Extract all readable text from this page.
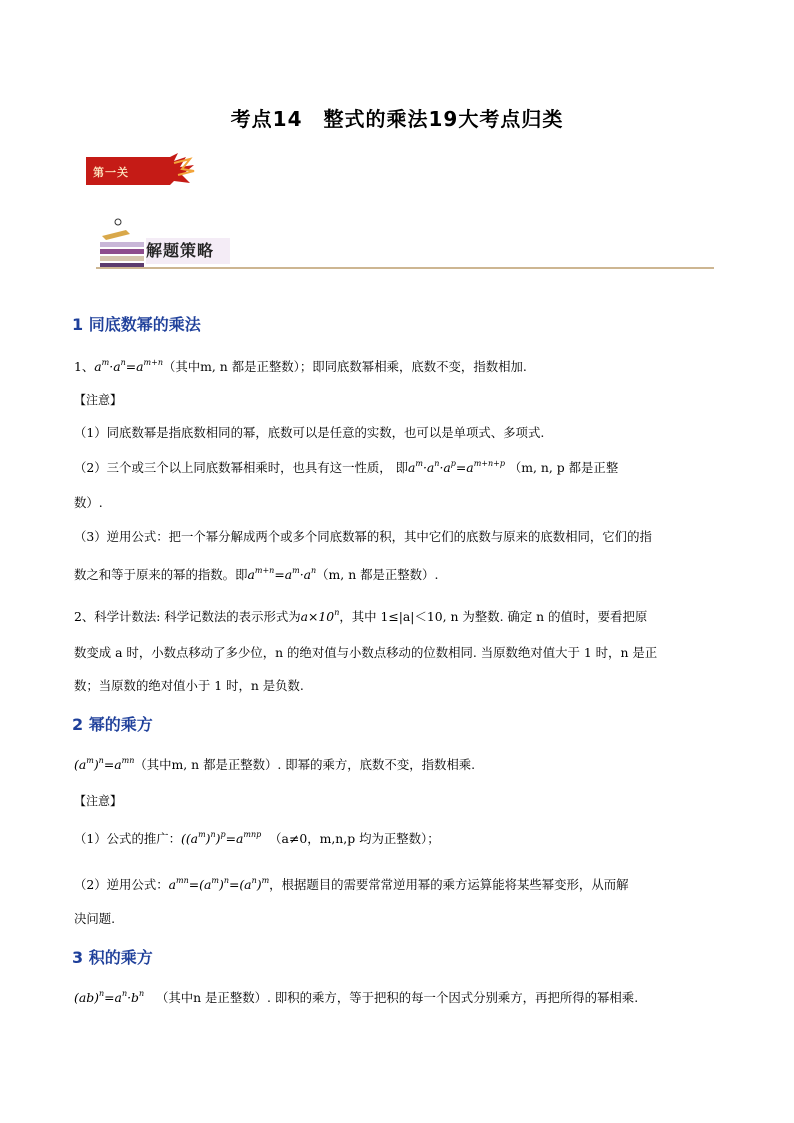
考点14　整式的乘法19大考点归类
第一关
解题策略
1 同底数幂的乘法
1、$a^m\cdot a^n=a^{m+n}$（其中m, n 都是正整数）；即同底数幂相乘，底数不变，指数相加.
【注意】
（1）同底数幂是指底数相同的幂，底数可以是任意的实数，也可以是单项式、多项式.
（2）三个或三个以上同底数幂相乘时，也具有这一性质， 即$a^m\cdot a^n\cdot a^p=a^{m+n+p}$ （m, n, p 都是正整
数）.
（3）逆用公式：把一个幂分解成两个或多个同底数幂的积，其中它们的底数与原来的底数相同，它们的指
数之和等于原来的幂的指数。即$a^{m+n}=a^m\cdot a^n(m$, n 都是正整数）.
2、科学计数法: 科学记数法的表示形式为$a\times 10^n$，其中 1≤|a|＜10, n 为整数. 确定 n 的值时，要看把原
数变成 a 时，小数点移动了多少位，n 的绝对值与小数点移动的位数相同. 当原数绝对值大于 1 时，n 是正
数；当原数的绝对值小于 1 时，n 是负数.
2 幂的乘方
$(a^m)^n=a^{mn}$（其中m, n 都是正整数）. 即幂的乘方，底数不变，指数相乘.
【注意】
（1）公式的推广：$((a^m)^n)^p=a^{mnp}$ （a≠0，m,n,p 均为正整数）；
（2）逆用公式：$a^{mn}=(a^m)^n=(a^n)^m$，根据题目的需要常常逆用幂的乘方运算能将某些幂变形，从而解
决问题.
3 积的乘方
$(ab)^n=a^n\cdot b^n$ （其中n 是正整数）. 即积的乘方，等于把积的每一个因式分别乘方，再把所得的幂相乘.
